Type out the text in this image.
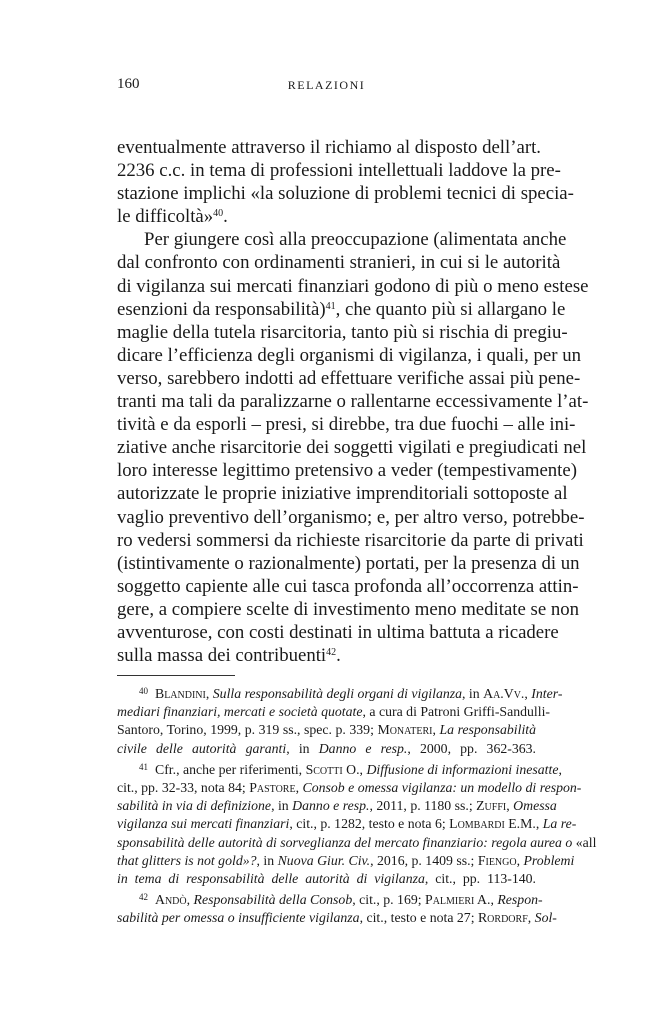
160	RELAZIONI

eventualmente attraverso il richiamo al disposto dell’art.
2236 c.c. in tema di professioni intellettuali laddove la pre-
stazione implichi «la soluzione di problemi tecnici di specia-
le difficoltà»$^{40}$.

Per giungere così alla preoccupazione (alimentata anche
dal confronto con ordinamenti stranieri, in cui si le autorità
di vigilanza sui mercati finanziari godono di più o meno estese
esenzioni da responsabilità)$^{41}$, che quanto più si allargano le
maglie della tutela risarcitoria, tanto più si rischia di pregiu-
dicare l’efficienza degli organismi di vigilanza, i quali, per un
verso, sarebbero indotti ad effettuare verifiche assai più pene-
tranti ma tali da paralizzarne o rallentarne eccessivamente l’at-
tività e da esporli – presi, si direbbe, tra due fuochi – alle ini-
ziative anche risarcitorie dei soggetti vigilati e pregiudicati nel
loro interesse legittimo pretensivo a veder (tempestivamente)
autorizzate le proprie iniziative imprenditoriali sottoposte al
vaglio preventivo dell’organismo; e, per altro verso, potrebbe-
ro vedersi sommersi da richieste risarcitorie da parte di privati
(istintivamente o razionalmente) portati, per la presenza di un
soggetto capiente alle cui tasca profonda all’occorrenza attin-
gere, a compiere scelte di investimento meno meditate se non
avventurose, con costi destinati in ultima battuta a ricadere
sulla massa dei contribuenti$^{42}$.

40 Blandini, Sulla responsabilità degli organi di vigilanza, in Aa.Vv., Inter-
mediari finanziari, mercati e società quotate, a cura di Patroni Griffi-Sandulli-
Santoro, Torino, 1999, p. 319 ss., spec. p. 339; Monateri, La responsabilità
civile delle autorità garanti, in Danno e resp., 2000, pp. 362-363.
41 Cfr., anche per riferimenti, Scotti O., Diffusione di informazioni inesatte,
cit., pp. 32-33, nota 84; Pastore, Consob e omessa vigilanza: un modello di respon-
sabilità in via di definizione, in Danno e resp., 2011, p. 1180 ss.; Zuffi, Omessa
vigilanza sui mercati finanziari, cit., p. 1282, testo e nota 6; Lombardi E.M., La re-
sponsabilità delle autorità di sorveglianza del mercato finanziario: regola aurea o «all
that glitters is not gold»?, in Nuova Giur. Civ., 2016, p. 1409 ss.; Fiengo, Problemi
in tema di responsabilità delle autorità di vigilanza, cit., pp. 113-140.
42 Andò, Responsabilità della Consob, cit., p. 169; Palmieri A., Respon-
sabilità per omessa o insufficiente vigilanza, cit., testo e nota 27; Rordorf, Sol-
